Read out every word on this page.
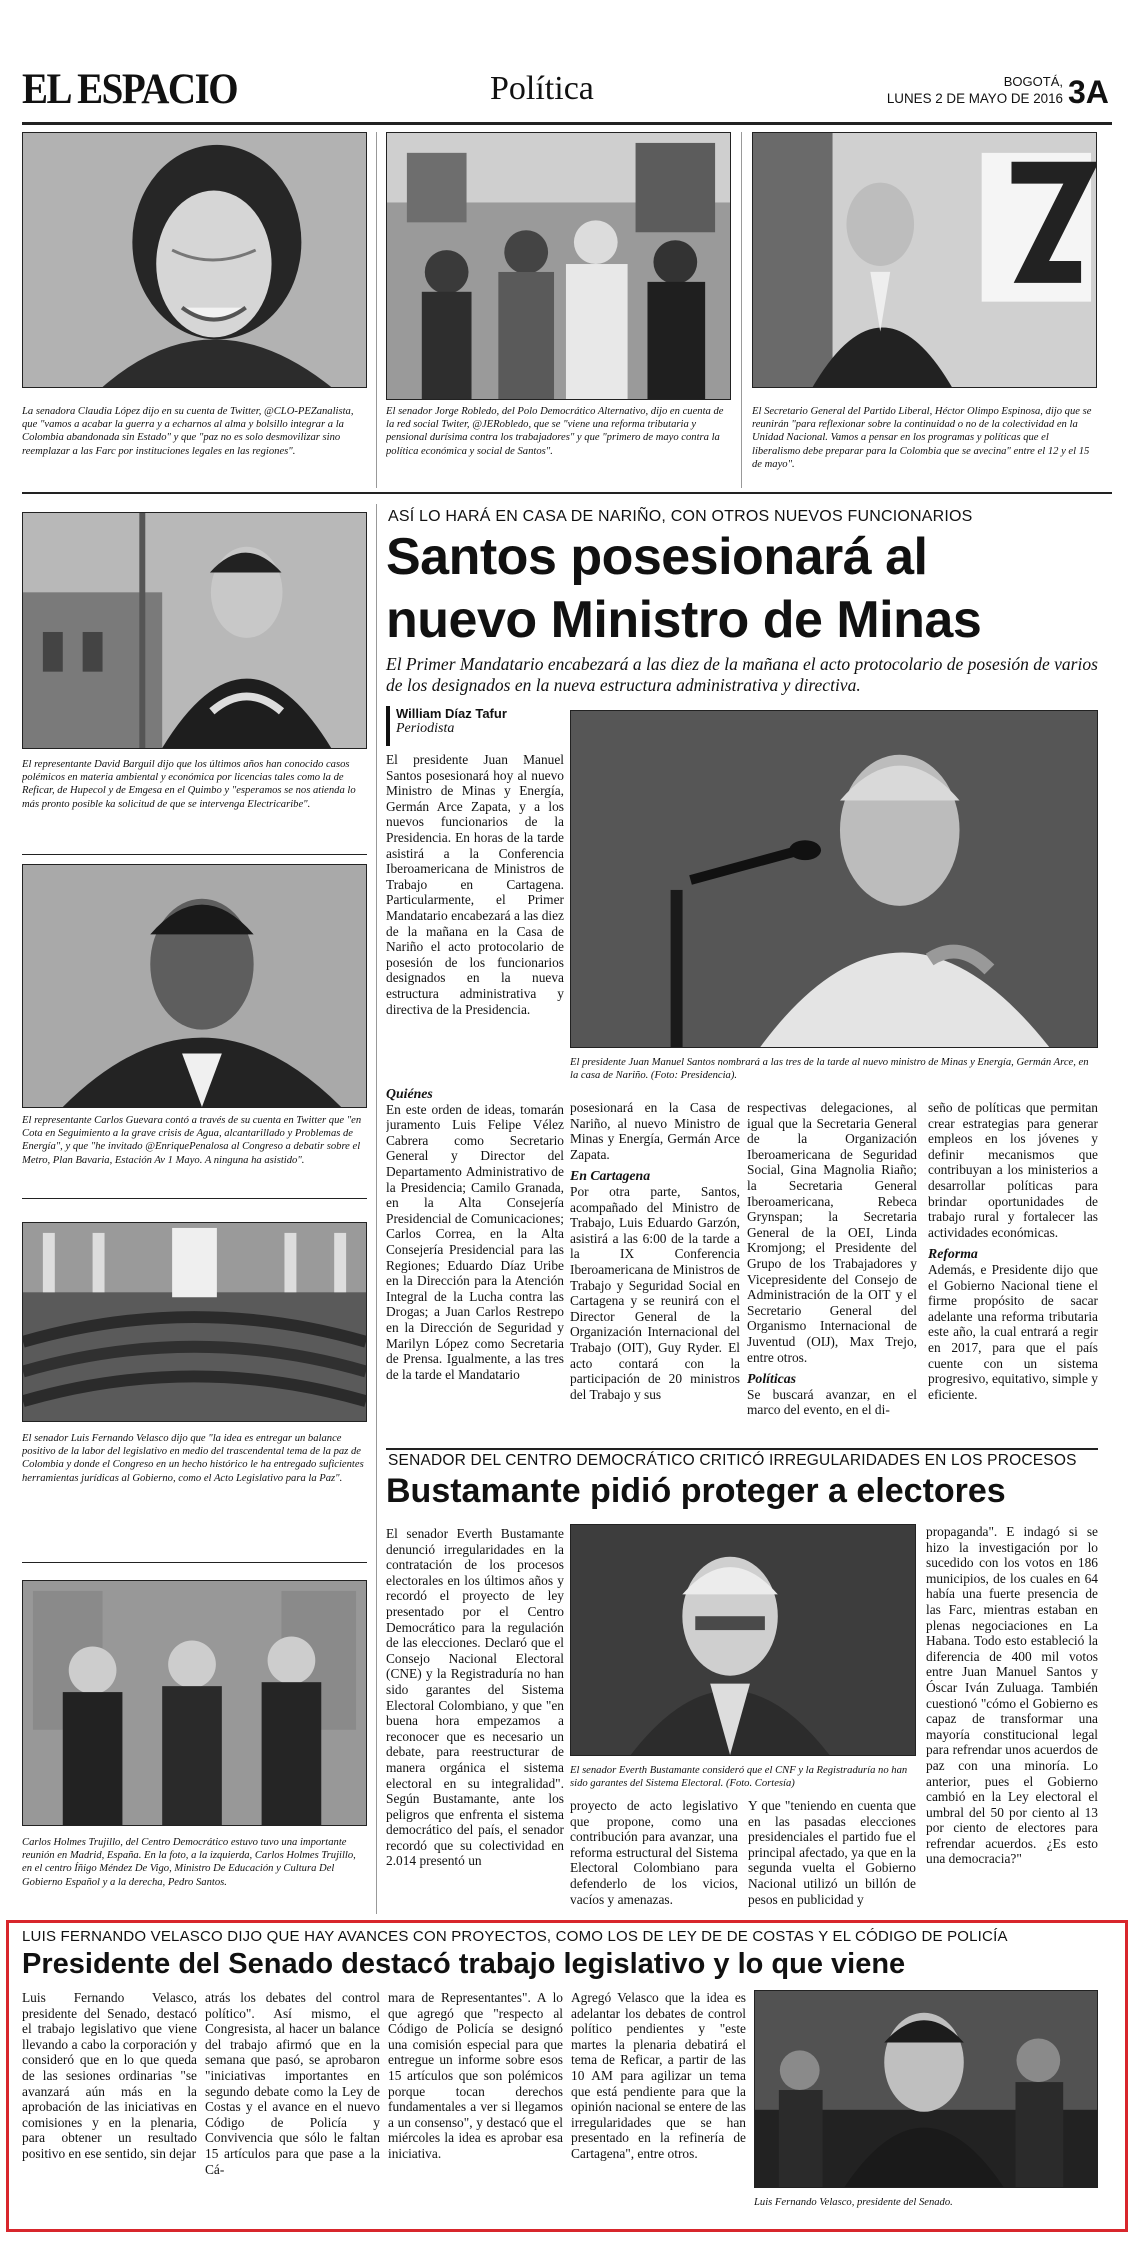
EL ESPACIO	Política	BOGOTÁ,
LUNES 2 DE MAYO DE 2016 3A
La senadora Claudia López dijo en su cuenta de Twitter, @CLO-PEZanalista, que "vamos a acabar la guerra y a echarnos al alma y bolsillo integrar a la Colombia abandonada sin Estado" y que "paz no es solo desmovilizar sino reemplazar a las Farc por instituciones legales en las regiones".
El senador Jorge Robledo, del Polo Democrático Alternativo, dijo en cuenta de la red social Twiter, @JERobledo, que se "viene una reforma tributaria y pensional durísima contra los trabajadores" y que "primero de mayo contra la política económica y social de Santos".
El Secretario General del Partido Liberal, Héctor Olimpo Espinosa, dijo que se reunirán "para reflexionar sobre la continuidad o no de la colectividad en la Unidad Nacional. Vamos a pensar en los programas y políticas que el liberalismo debe preparar para la Colombia que se avecina" entre el 12 y el 15 de mayo".
El representante David Barguil dijo que los últimos años han conocido casos polémicos en materia ambiental y económica por licencias tales como la de Reficar, de Hupecol y de Emgesa en el Quimbo y "esperamos se nos atienda lo más pronto posible ka solicitud de que se intervenga Electricaribe".
El representante Carlos Guevara contó a través de su cuenta en Twitter que "en Cota en Seguimiento a la grave crisis de Agua, alcantarillado y Problemas de Energía", y que "he invitado @EnriquePenalosa al Congreso a debatir sobre el Metro, Plan Bavaria, Estación Av 1 Mayo. A ninguna ha asistido".
El senador Luis Fernando Velasco dijo que "la idea es entregar un balance positivo de la labor del legislativo en medio del trascendental tema de la paz de Colombia y donde el Congreso en un hecho histórico le ha entregado suficientes herramientas jurídicas al Gobierno, como el Acto Legislativo para la Paz".
Carlos Holmes Trujillo, del Centro Democrático estuvo tuvo una importante reunión en Madrid, España. En la foto, a la izquierda, Carlos Holmes Trujillo, en el centro Íñigo Méndez De Vigo, Ministro De Educación y Cultura Del Gobierno Español y a la derecha, Pedro Santos.
ASÍ LO HARÁ EN CASA DE NARIÑO, CON OTROS NUEVOS FUNCIONARIOS
Santos posesionará al
nuevo Ministro de Minas
El Primer Mandatario encabezará a las diez de la mañana el acto protocolario de posesión de varios de los designados en la nueva estructura administrativa y directiva.
William Díaz Tafur
Periodista

El presidente Juan Manuel Santos posesionará hoy al nuevo Ministro de Minas y Energía, Germán Arce Zapata, y a los nuevos funcionarios de la Presidencia. En horas de la tarde asistirá a la Conferencia Iberoamericana de Ministros de Trabajo en Cartagena. Particularmente, el Primer Mandatario encabezará a las diez de la mañana en la Casa de Nariño el acto protocolario de posesión de los funcionarios designados en la nueva estructura administrativa y directiva de la Presidencia.

El presidente Juan Manuel Santos nombrará a las tres de la tarde al nuevo ministro de Minas y Energía, Germán Arce, en la casa de Nariño. (Foto: Presidencia).

Quiénes

En este orden de ideas, tomarán juramento Luis Felipe Vélez Cabrera como Secretario General y Director del Departamento Administrativo de la Presidencia; Camilo Granada, en la Alta Consejería Presidencial de Comunicaciones; Carlos Correa, en la Alta Consejería Presidencial para las Regiones; Eduardo Díaz Uribe en la Dirección para la Atención Integral de la Lucha contra las Drogas; a Juan Carlos Restrepo en la Dirección de Seguridad y Marilyn López como Secretaria de Prensa. Igualmente, a las tres de la tarde el Mandatario

posesionará en la Casa de Nariño, al nuevo Ministro de Minas y Energía, Germán Arce Zapata.

En Cartagena

Por otra parte, Santos, acompañado del Ministro de Trabajo, Luis Eduardo Garzón, asistirá a las 6:00 de la tarde a la IX Conferencia Iberoamericana de Ministros de Trabajo y Seguridad Social en Cartagena y se reunirá con el Director General de la Organización Internacional del Trabajo (OIT), Guy Ryder. El acto contará con la participación de 20 ministros del Trabajo y sus

respectivas delegaciones, al igual que la Secretaria General de la Organización Iberoamericana de Seguridad Social, Gina Magnolia Riaño; la Secretaria General Iberoamericana, Rebeca Grynspan; la Secretaria General de la OEI, Linda Kromjong; el Presidente del Grupo de los Trabajadores y Vicepresidente del Consejo de Administración de la OIT y el Secretario General del Organismo Internacional de Juventud (OIJ), Max Trejo, entre otros.

Políticas

Se buscará avanzar, en el marco del evento, en el di-

seño de políticas que permitan crear estrategias para generar empleos en los jóvenes y definir mecanismos que contribuyan a los ministerios a desarrollar políticas para brindar oportunidades de trabajo rural y fortalecer las actividades económicas.

Reforma

Además, e Presidente dijo que el Gobierno Nacional tiene el firme propósito de sacar adelante una reforma tributaria este año, la cual entrará a regir en 2017, para que el país cuente con un sistema progresivo, equitativo, simple y eficiente.

SENADOR DEL CENTRO DEMOCRÁTICO CRITICÓ IRREGULARIDADES EN LOS PROCESOS
Bustamante pidió proteger a electores

El senador Everth Bustamante denunció irregularidades en la contratación de los procesos electorales en los últimos años y recordó el proyecto de ley presentado por el Centro Democrático para la regulación de las elecciones. Declaró que el Consejo Nacional Electoral (CNE) y la Registraduría no han sido garantes del Sistema Electoral Colombiano, y que "en buena hora empezamos a reconocer que es necesario un debate, para reestructurar de manera orgánica el sistema electoral en su integralidad". Según Bustamante, ante los peligros que enfrenta el sistema democrático del país, el senador recordó que su colectividad en 2.014 presentó un

El senador Everth Bustamante consideró que el CNF y la Registraduría no han sido garantes del Sistema Electoral. (Foto. Cortesía)

proyecto de acto legislativo que propone, como una contribución para avanzar, una reforma estructural del Sistema Electoral Colombiano para defenderlo de los vicios, vacíos y amenazas.

Y que "teniendo en cuenta que en las pasadas elecciones presidenciales el partido fue el principal afectado, ya que en la segunda vuelta el Gobierno Nacional utilizó un billón de pesos en publicidad y

propaganda". E indagó si se hizo la investigación por lo sucedido con los votos en 186 municipios, de los cuales en 64 había una fuerte presencia de las Farc, mientras estaban en plenas negociaciones en La Habana. Todo esto estableció la diferencia de 400 mil votos entre Juan Manuel Santos y Óscar Iván Zuluaga. También cuestionó "cómo el Gobierno es capaz de transformar una mayoría constitucional legal para refrendar unos acuerdos de paz con una minoría. Lo anterior, pues el Gobierno cambió en la Ley electoral el umbral del 50 por ciento al 13 por ciento de electores para refrendar acuerdos. ¿Es esto una democracia?"

LUIS FERNANDO VELASCO DIJO QUE HAY AVANCES CON PROYECTOS, COMO LOS DE LEY DE DE COSTAS Y EL CÓDIGO DE POLICÍA
Presidente del Senado destacó trabajo legislativo y lo que viene

Luis Fernando Velasco, presidente del Senado, destacó el trabajo legislativo que viene llevando a cabo la corporación y consideró que en lo que queda de las sesiones ordinarias "se avanzará aún más en la aprobación de las iniciativas en comisiones y en la plenaria, para obtener un resultado positivo en ese sentido, sin dejar

atrás los debates del control político". Así mismo, el Congresista, al hacer un balance del trabajo afirmó que en la semana que pasó, se aprobaron "iniciativas importantes en segundo debate como la Ley de Costas y el avance en el nuevo Código de Policía y Convivencia que sólo le faltan 15 artículos para que pase a la Cá-

mara de Representantes". A lo que agregó que "respecto al Código de Policía se designó una comisión especial para que entregue un informe sobre esos 15 artículos que son polémicos porque tocan derechos fundamentales a ver si llegamos a un consenso", y destacó que el miércoles la idea es aprobar esa iniciativa.

Agregó Velasco que la idea es adelantar los debates de control político pendientes y "este martes la plenaria debatirá el tema de Reficar, a partir de las 10 AM para agilizar un tema que está pendiente para que la opinión nacional se entere de las irregularidades que se han presentado en la refinería de Cartagena", entre otros.

Luis Fernando Velasco, presidente del Senado.
